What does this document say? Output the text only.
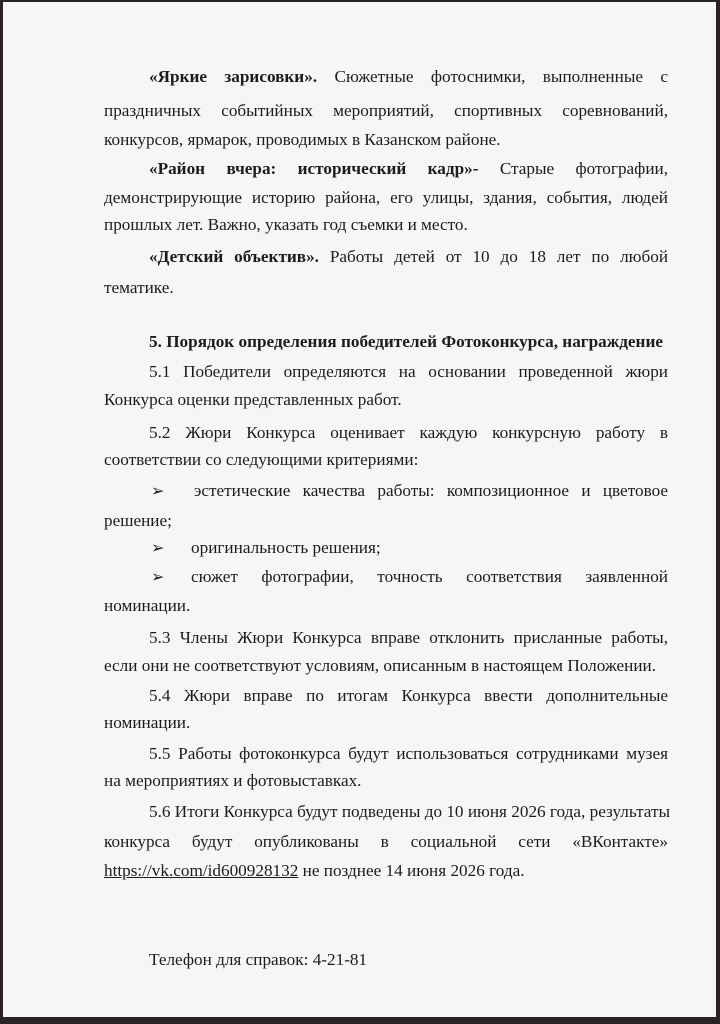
«Яркие зарисовки». Сюжетные фотоснимки, выполненные с
праздничных событийных мероприятий, спортивных соревнований,
конкурсов, ярмарок, проводимых в Казанском районе.
«Район вчера: исторический кадр»- Старые фотографии,
демонстрирующие историю района, его улицы, здания, события, людей
прошлых лет. Важно, указать год съемки и место.
«Детский объектив». Работы детей от 10 до 18 лет по любой
тематике.
5. Порядок определения победителей Фотоконкурса, награждение
5.1 Победители определяются на основании проведенной жюри
Конкурса оценки представленных работ.
5.2 Жюри Конкурса оценивает каждую конкурсную работу в
соответствии со следующими критериями:
➢ эстетические качества работы: композиционное и цветовое
решение;
➢ оригинальность решения;
➢ сюжет фотографии, точность соответствия заявленной
номинации.
5.3 Члены Жюри Конкурса вправе отклонить присланные работы,
если они не соответствуют условиям, описанным в настоящем Положении.
5.4 Жюри вправе по итогам Конкурса ввести дополнительные
номинации.
5.5 Работы фотоконкурса будут использоваться сотрудниками музея
на мероприятиях и фотовыставках.
5.6 Итоги Конкурса будут подведены до 10 июня 2026 года, результаты
конкурса будут опубликованы в социальной сети «ВКонтакте»
https://vk.com/id600928132 не позднее 14 июня 2026 года.
Телефон для справок: 4-21-81
